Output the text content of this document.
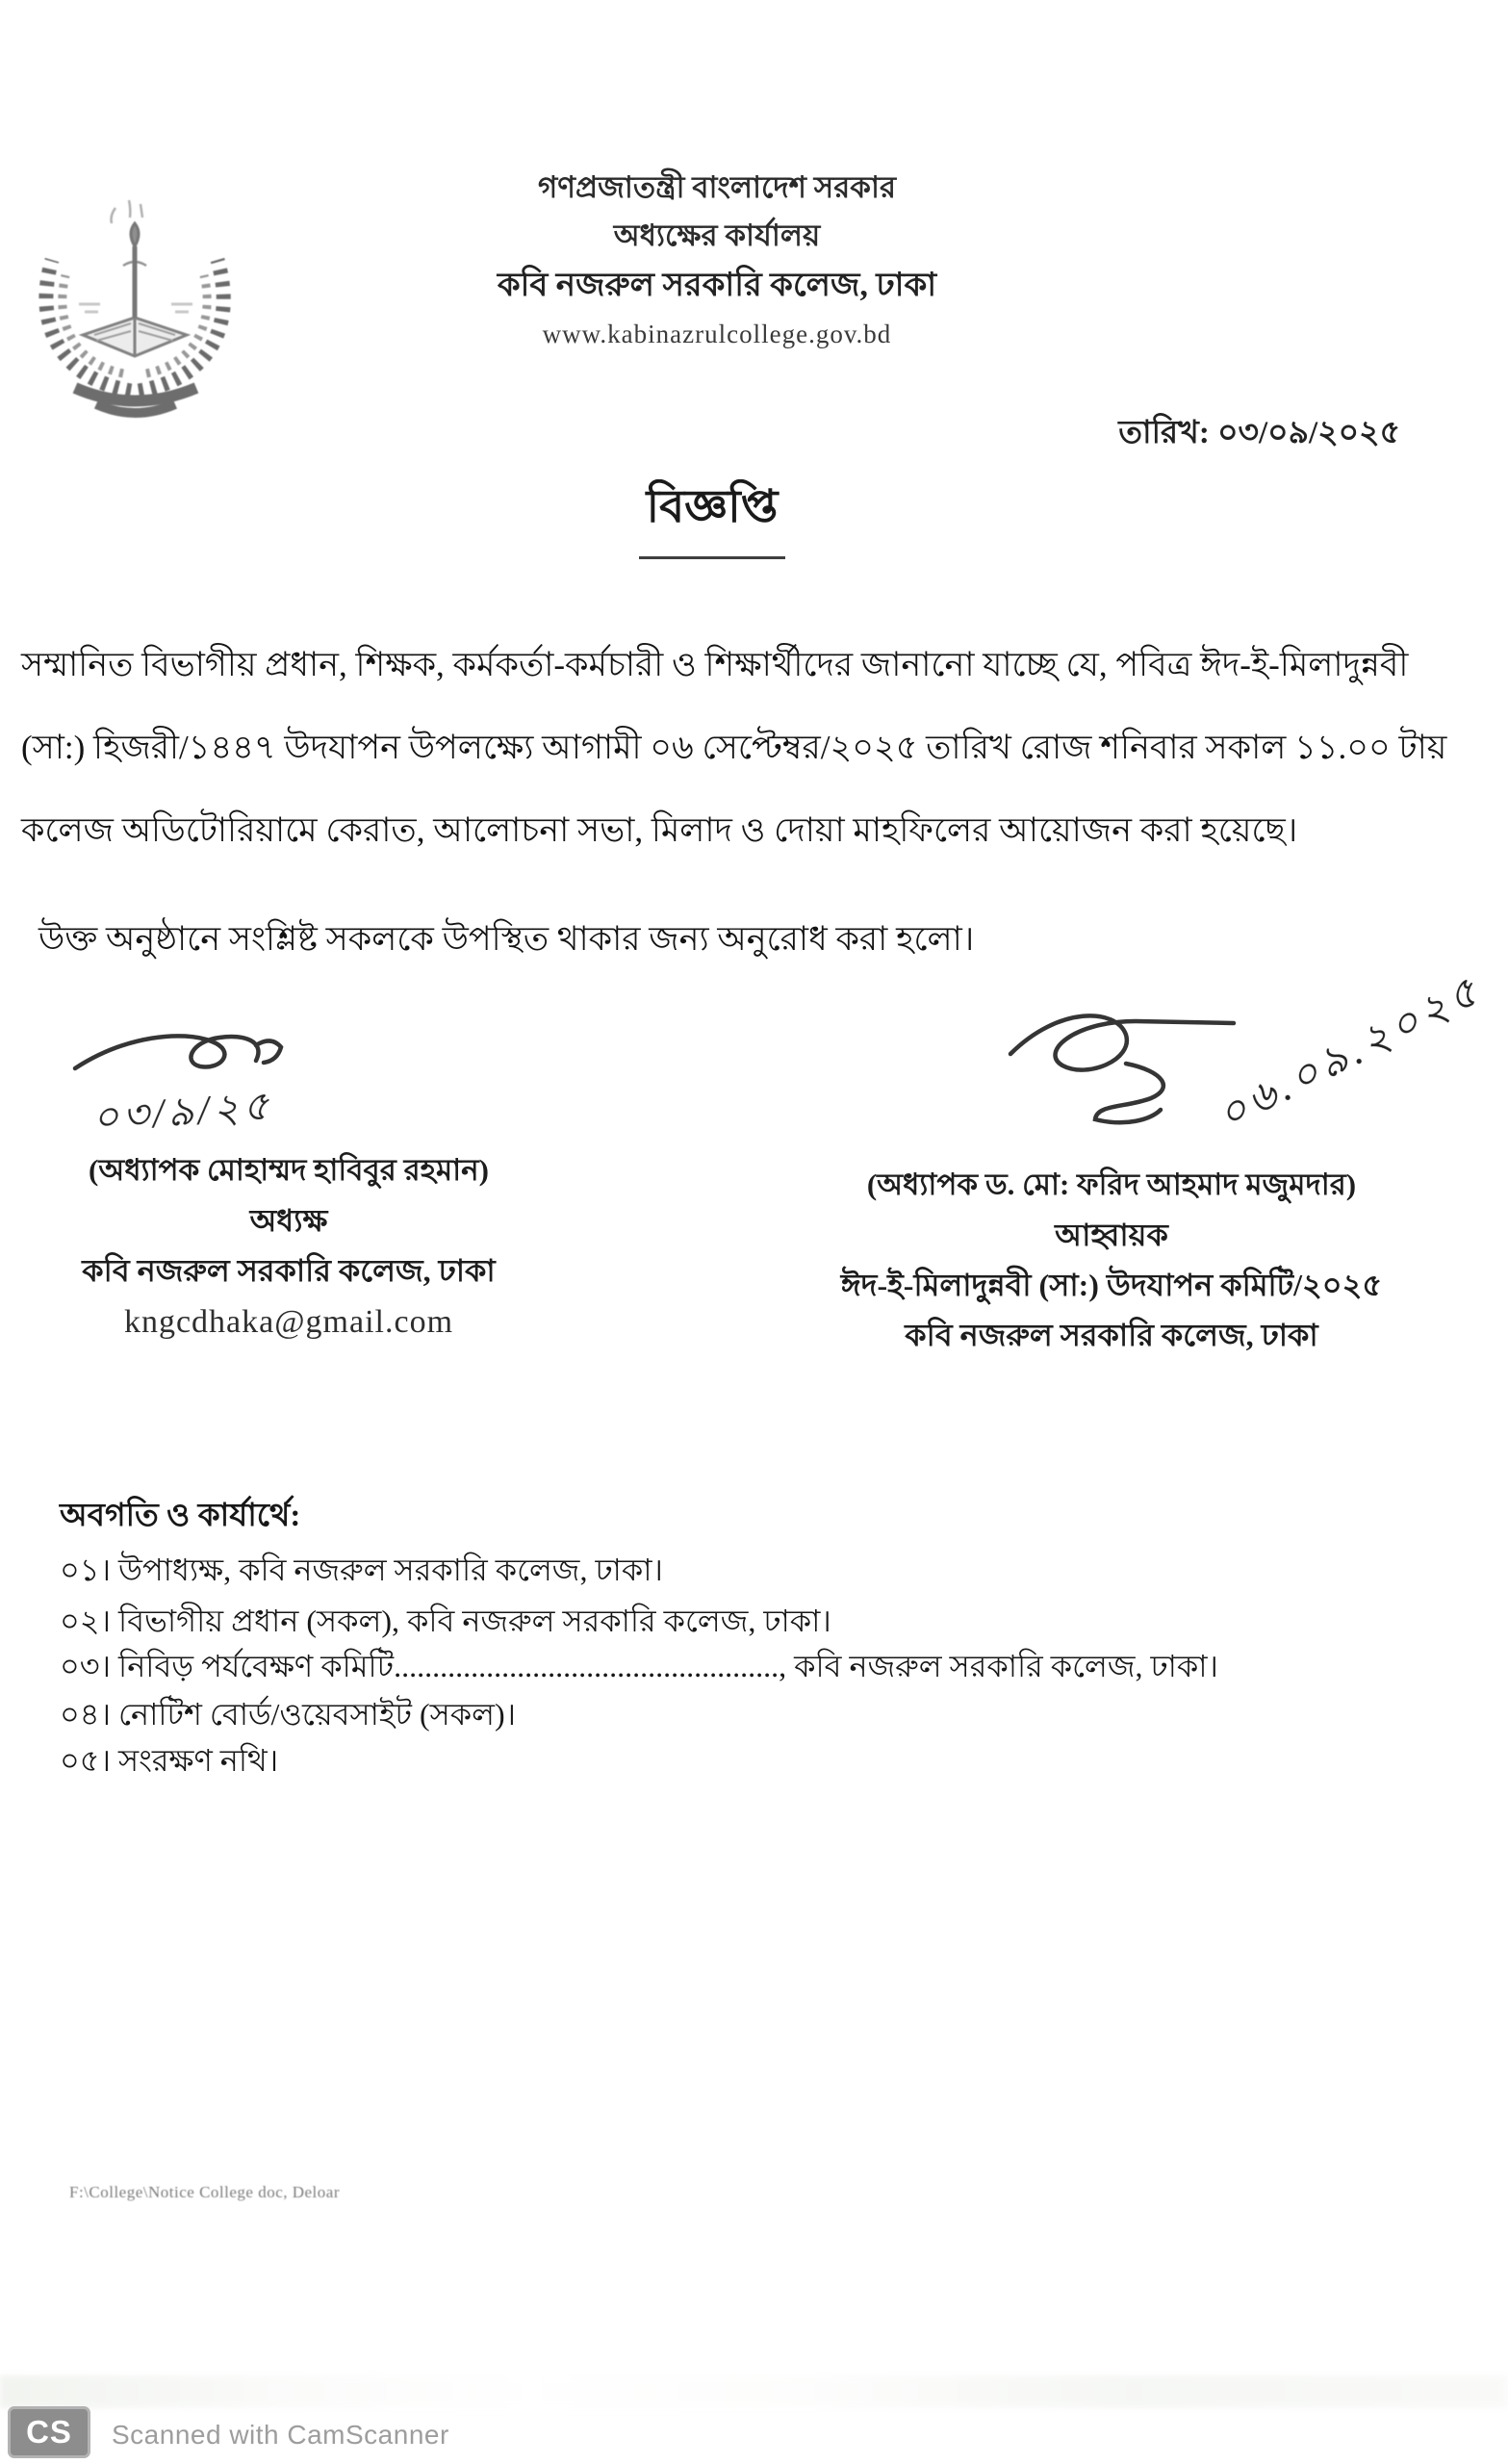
গণপ্রজাতন্ত্রী বাংলাদেশ সরকার
অধ্যক্ষের কার্যালয়
কবি নজরুল সরকারি কলেজ, ঢাকা
www.kabinazrulcollege.gov.bd
তারিখ: ০৩/০৯/২০২৫
বিজ্ঞপ্তি
সম্মানিত বিভাগীয় প্রধান, শিক্ষক, কর্মকর্তা-কর্মচারী ও শিক্ষার্থীদের জানানো যাচ্ছে যে, পবিত্র ঈদ-ই-মিলাদুন্নবী
(সা:) হিজরী/১৪৪৭ উদযাপন উপলক্ষ্যে আগামী ০৬ সেপ্টেম্বর/২০২৫ তারিখ রোজ শনিবার সকাল ১১.০০ টায়
কলেজ অডিটোরিয়ামে কেরাত, আলোচনা সভা, মিলাদ ও দোয়া মাহফিলের আয়োজন করা হয়েছে।
উক্ত অনুষ্ঠানে সংশ্লিষ্ট সকলকে উপস্থিত থাকার জন্য অনুরোধ করা হলো।
০৩/৯/২৫
(অধ্যাপক মোহাম্মদ হাবিবুর রহমান)
অধ্যক্ষ
কবি নজরুল সরকারি কলেজ, ঢাকা
kngcdhaka@gmail.com
০৬.০৯.২০২৫
(অধ্যাপক ড. মো: ফরিদ আহমাদ মজুমদার)
আহ্বায়ক
ঈদ-ই-মিলাদুন্নবী (সা:) উদযাপন কমিটি/২০২৫
কবি নজরুল সরকারি কলেজ, ঢাকা
অবগতি ও কার্যার্থে:
০১। উপাধ্যক্ষ, কবি নজরুল সরকারি কলেজ, ঢাকা।
০২। বিভাগীয় প্রধান (সকল), কবি নজরুল সরকারি কলেজ, ঢাকা।
০৩। নিবিড় পর্যবেক্ষণ কমিটি.................................................., কবি নজরুল সরকারি কলেজ, ঢাকা।
০৪। নোটিশ বোর্ড/ওয়েবসাইট (সকল)।
০৫। সংরক্ষণ নথি।
F:\College\Notice College doc, Deloar
CS Scanned with CamScanner
